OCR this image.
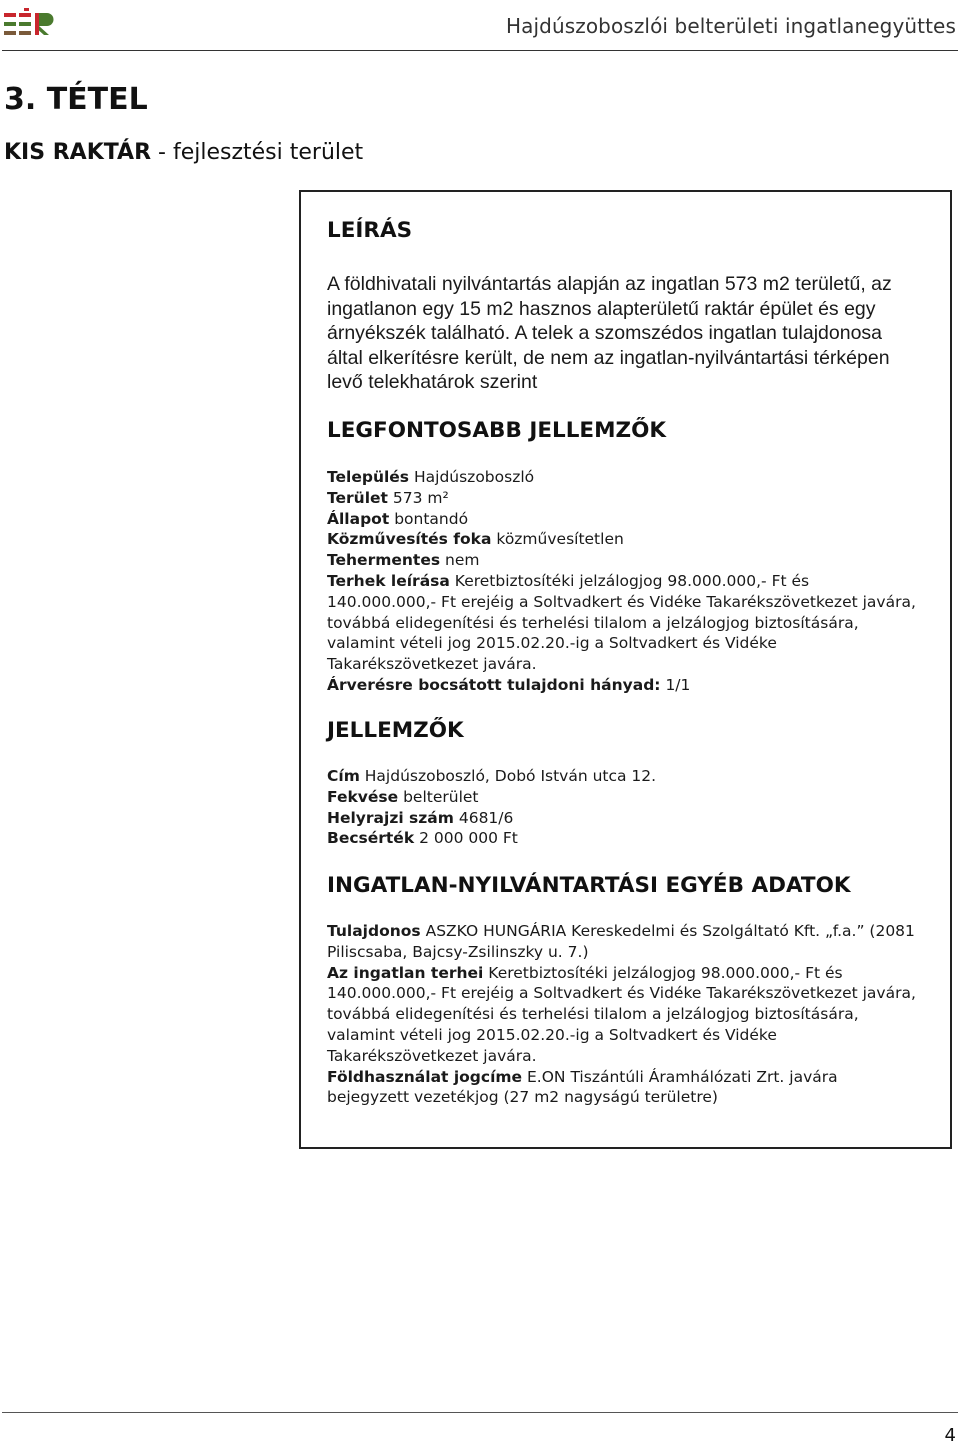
Hajdúszoboszlói belterületi ingatlanegyüttes
3. TÉTEL
KIS RAKTÁR - fejlesztési terület
LEÍRÁS
A földhivatali nyilvántartás alapján az ingatlan 573 m2 területű, az ingatlanon egy 15 m2 hasznos alapterületű raktár épület és egy árnyékszék található. A telek a szomszédos ingatlan tulajdonosa által elkerítésre került, de nem az ingatlan-nyilvántartási térképen levő telekhatárok szerint
LEGFONTOSABB JELLEMZŐK

Település Hajdúszoboszló

Terület 573 m²

Állapot bontandó

Közművesítés foka közművesítetlen

Tehermentes nem

Terhek leírása Keretbiztosítéki jelzálogjog 98.000.000,- Ft és 140.000.000,- Ft erejéig a Soltvadkert és Vidéke Takarékszövetkezet javára, továbbá elidegenítési és terhelési tilalom a jelzálogjog biztosítására, valamint vételi jog 2015.02.20.-ig a Soltvadkert és Vidéke Takarékszövetkezet javára.

Árverésre bocsátott tulajdoni hányad: 1/1

JELLEMZŐK

Cím Hajdúszoboszló, Dobó István utca 12.

Fekvése belterület

Helyrajzi szám 4681/6

Becsérték 2 000 000 Ft

INGATLAN-NYILVÁNTARTÁSI EGYÉB ADATOK

Tulajdonos ASZKO HUNGÁRIA Kereskedelmi és Szolgáltató Kft. „f.a.” (2081 Piliscsaba, Bajcsy-Zsilinszky u. 7.)

Az ingatlan terhei Keretbiztosítéki jelzálogjog 98.000.000,- Ft és 140.000.000,- Ft erejéig a Soltvadkert és Vidéke Takarékszövetkezet javára, továbbá elidegenítési és terhelési tilalom a jelzálogjog biztosítására, valamint vételi jog 2015.02.20.-ig a Soltvadkert és Vidéke Takarékszövetkezet javára.

Földhasználat jogcíme E.ON Tiszántúli Áramhálózati Zrt. javára bejegyzett vezetékjog (27 m2 nagyságú területre)

4
